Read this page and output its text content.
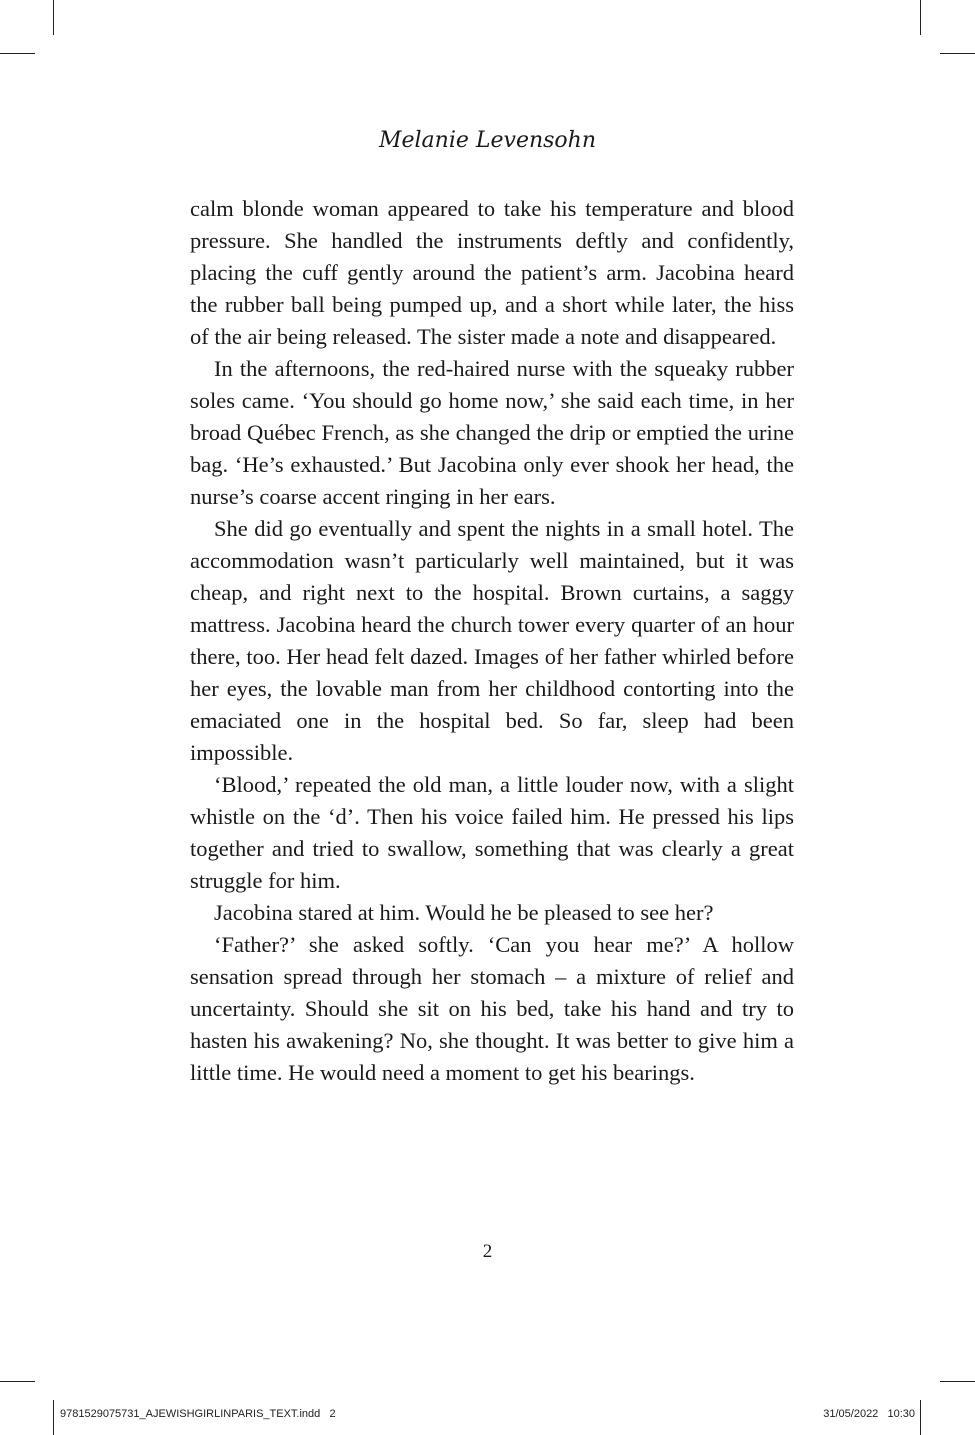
Melanie Levensohn

calm blonde woman appeared to take his temperature and blood pressure. She handled the instruments deftly and confidently, placing the cuff gently around the patient’s arm. Jacobina heard the rubber ball being pumped up, and a short while later, the hiss of the air being released. The sister made a note and disappeared.

In the afternoons, the red-haired nurse with the squeaky rubber soles came. ‘You should go home now,’ she said each time, in her broad Québec French, as she changed the drip or emptied the urine bag. ‘He’s exhausted.’ But Jacobina only ever shook her head, the nurse’s coarse accent ringing in her ears.

She did go eventually and spent the nights in a small hotel. The accommodation wasn’t particularly well maintained, but it was cheap, and right next to the hospital. Brown curtains, a saggy mattress. Jacobina heard the church tower every quarter of an hour there, too. Her head felt dazed. Images of her father whirled before her eyes, the lovable man from her childhood contorting into the emaciated one in the hospital bed. So far, sleep had been impossible.

‘Blood,’ repeated the old man, a little louder now, with a slight whistle on the ‘d’. Then his voice failed him. He pressed his lips together and tried to swallow, something that was clearly a great struggle for him.

Jacobina stared at him. Would he be pleased to see her?

‘Father?’ she asked softly. ‘Can you hear me?’ A hollow sensation spread through her stomach – a mixture of relief and uncertainty. Should she sit on his bed, take his hand and try to hasten his awakening? No, she thought. It was better to give him a little time. He would need a moment to get his bearings.

2
9781529075731_AJEWISHGIRLINPARIS_TEXT.indd   2	31/05/2022   10:30
